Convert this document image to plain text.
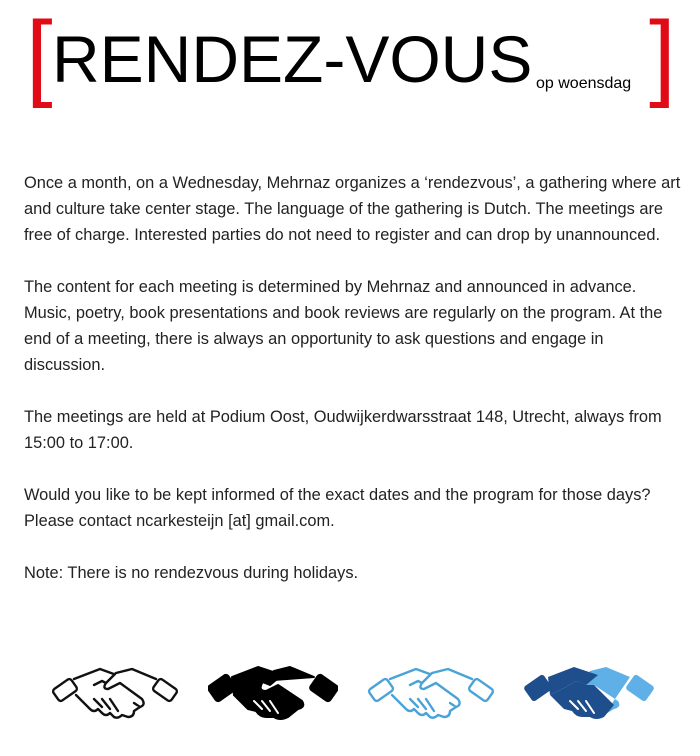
[ RENDEZ-VOUS op woensdag ]

Once a month, on a Wednesday, Mehrnaz organizes a ‘rendezvous’, a gathering where art and culture take center stage. The language of the gathering is Dutch. The meetings are free of charge. Interested parties do not need to register and can drop by unannounced.

The content for each meeting is determined by Mehrnaz and announced in advance. Music, poetry, book presentations and book reviews are regularly on the program. At the end of a meeting, there is always an opportunity to ask questions and engage in discussion.

The meetings are held at Podium Oost, Oudwijkerdwarsstraat 148, Utrecht, always from 15:00 to 17:00.

Would you like to be kept informed of the exact dates and the program for those days? Please contact ncarkesteijn [at] gmail.com.

Note: There is no rendezvous during holidays.
